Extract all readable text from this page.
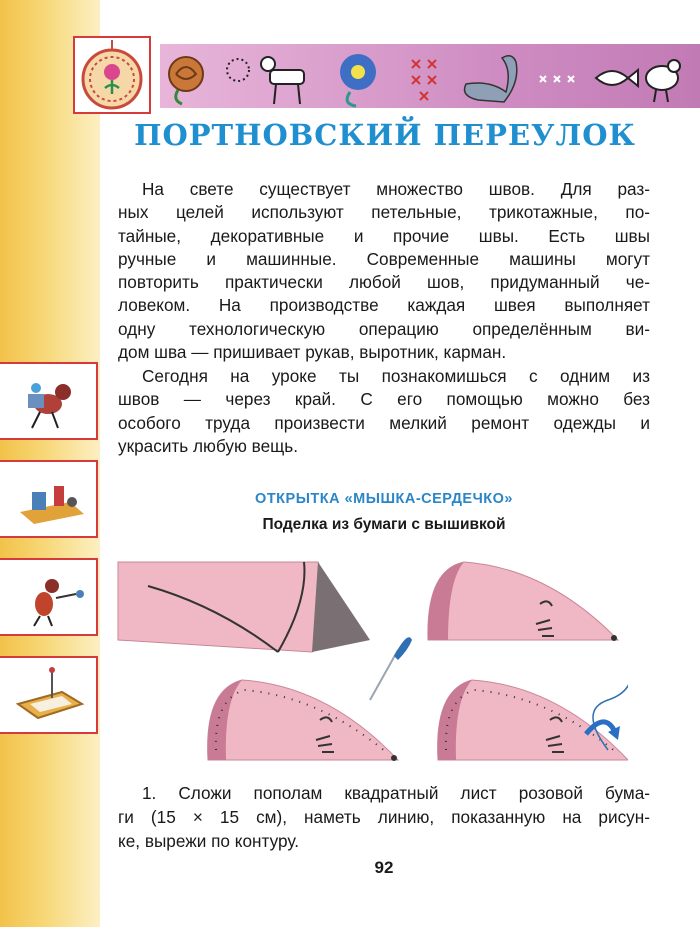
ПОРТНОВСКИЙ ПЕРЕУЛОК
На свете существует множество швов. Для раз-
ных целей используют петельные, трикотажные, по-
тайные, декоративные и прочие швы. Есть швы
ручные и машинные. Современные машины могут
повторить практически любой шов, придуманный че-
ловеком. На производстве каждая швея выполняет
одну технологическую операцию определённым ви-
дом шва — пришивает рукав, выротник, карман.
Сегодня на уроке ты познакомишься с одним из
швов — через край. С его помощью можно без
особого труда произвести мелкий ремонт одежды и
украсить любую вещь.
ОТКРЫТКА «МЫШКА-СЕРДЕЧКО»
Поделка из бумаги с вышивкой
1. Сложи пополам квадратный лист розовой бума-
ги (15 × 15 см), наметь линию, показанную на рисун-
ке, вырежи по контуру.
92
